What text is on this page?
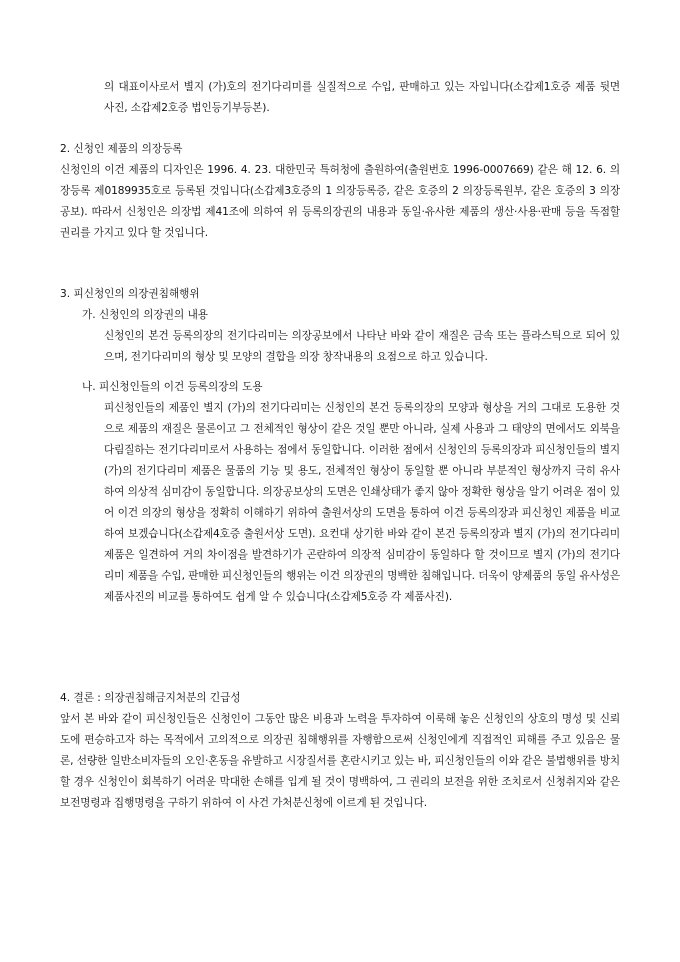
의 대표이사로서 별지 (가)호의 전기다리미를 실질적으로 수입, 판매하고 있는 자입니다(소갑제1호증 제품 뒷면 사진, 소갑제2호증 법인등기부등본).

2. 신청인 제품의 의장등록

신청인의 이건 제품의 디자인은 1996. 4. 23. 대한민국 특허청에 출원하여(출원번호 1996-0007669) 같은 해 12. 6. 의장등록 제0189935호로 등록된 것입니다(소갑제3호증의 1 의장등록증, 같은 호증의 2 의장등록원부, 같은 호증의 3 의장공보). 따라서 신청인은 의장법 제41조에 의하여 위 등록의장권의 내용과 동일·유사한 제품의 생산·사용·판매 등을 독점할 권리를 가지고 있다 할 것입니다.

3. 피신청인의 의장권침해행위
가. 신청인의 의장권의 내용

신청인의 본건 등록의장의 전기다리미는 의장공보에서 나타난 바와 같이 재질은 금속 또는 플라스틱으로 되어 있으며, 전기다리미의 형상 및 모양의 결합을 의장 창작내용의 요점으로 하고 있습니다.

나. 피신청인들의 이건 등록의장의 도용

피신청인들의 제품인 별지 (가)의 전기다리미는 신청인의 본건 등록의장의 모양과 형상을 거의 그대로 도용한 것으로 제품의 재질은 물론이고 그 전체적인 형상이 같은 것일 뿐만 아니라, 실제 사용과 그 태양의 면에서도 외북을 다림질하는 전기다리미로서 사용하는 점에서 동일합니다. 이러한 점에서 신청인의 등록의장과 피신청인들의 별지 (가)의 전기다리미 제품은 물품의 기능 및 용도, 전체적인 형상이 동일할 뿐 아니라 부분적인 형상까지 극히 유사하여 의상적 심미감이 동일합니다. 의장공보상의 도면은 인쇄상태가 좋지 않아 정확한 형상을 알기 어려운 점이 있어 이건 의장의 형상을 정확히 이해하기 위하여 출원서상의 도면을 통하여 이건 등록의장과 피신청인 제품을 비교하여 보겠습니다(소갑제4호증 출원서상 도면). 요컨대 상기한 바와 같이 본건 등록의장과 별지 (가)의 전기다리미 제품은 일견하여 거의 차이점을 발견하기가 곤란하여 의장적 심미감이 동일하다 할 것이므로 별지 (가)의 전기다리미 제품을 수입, 판매한 피신청인들의 행위는 이건 의장권의 명백한 침해입니다. 더욱이 양제품의 동일 유사성은 제품사진의 비교를 통하여도 쉽게 알 수 있습니다(소갑제5호증 각 제품사진).

4. 결론 : 의장권침해금지처분의 긴급성

앞서 본 바와 같이 피신청인들은 신청인이 그동안 많은 비용과 노력을 투자하여 이룩해 놓은 신청인의 상호의 명성 및 신뢰도에 편승하고자 하는 목적에서 고의적으로 의장권 침해행위를 자행함으로써 신청인에게 직접적인 피해를 주고 있음은 물론, 선량한 일반소비자들의 오인·혼동을 유발하고 시장질서를 혼란시키고 있는 바, 피신청인들의 이와 같은 불법행위를 방치할 경우 신청인이 회복하기 어려운 막대한 손해를 입게 될 것이 명백하여, 그 권리의 보전을 위한 조치로서 신청취지와 같은 보전명령과 집행명령을 구하기 위하여 이 사건 가처분신청에 이르게 된 것입니다.
